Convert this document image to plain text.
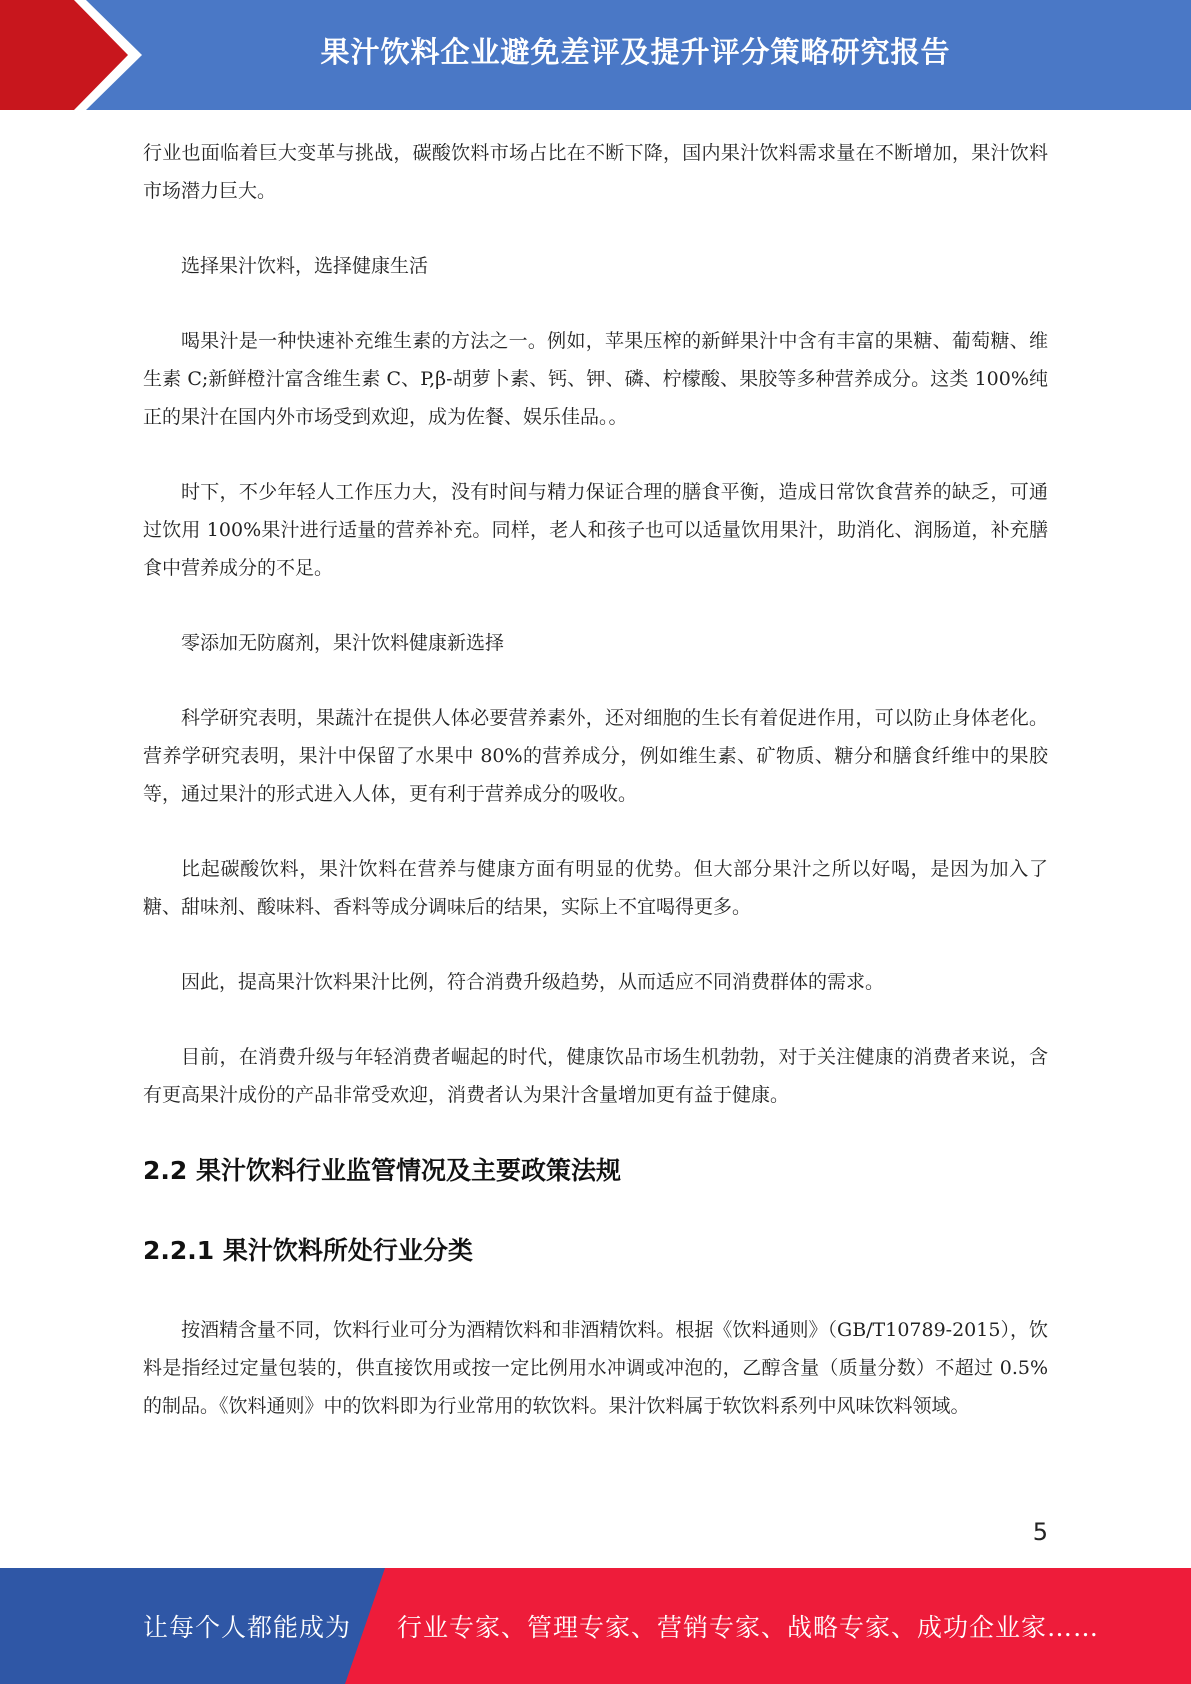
果汁饮料企业避免差评及提升评分策略研究报告

行业也面临着巨大变革与挑战，碳酸饮料市场占比在不断下降，国内果汁饮料需求量在不断增加，果汁饮料市场潜力巨大。

选择果汁饮料，选择健康生活

喝果汁是一种快速补充维生素的方法之一。例如，苹果压榨的新鲜果汁中含有丰富的果糖、葡萄糖、维生素 C;新鲜橙汁富含维生素 C、P,β-胡萝卜素、钙、钾、磷、柠檬酸、果胶等多种营养成分。这类 100%纯正的果汁在国内外市场受到欢迎，成为佐餐、娱乐佳品。。

时下，不少年轻人工作压力大，没有时间与精力保证合理的膳食平衡，造成日常饮食营养的缺乏，可通过饮用 100%果汁进行适量的营养补充。同样，老人和孩子也可以适量饮用果汁，助消化、润肠道，补充膳食中营养成分的不足。

零添加无防腐剂，果汁饮料健康新选择

科学研究表明，果蔬汁在提供人体必要营养素外，还对细胞的生长有着促进作用，可以防止身体老化。营养学研究表明，果汁中保留了水果中 80%的营养成分，例如维生素、矿物质、糖分和膳食纤维中的果胶等，通过果汁的形式进入人体，更有利于营养成分的吸收。

比起碳酸饮料，果汁饮料在营养与健康方面有明显的优势。但大部分果汁之所以好喝，是因为加入了糖、甜味剂、酸味料、香料等成分调味后的结果，实际上不宜喝得更多。

因此，提高果汁饮料果汁比例，符合消费升级趋势，从而适应不同消费群体的需求。

目前，在消费升级与年轻消费者崛起的时代，健康饮品市场生机勃勃，对于关注健康的消费者来说，含有更高果汁成份的产品非常受欢迎，消费者认为果汁含量增加更有益于健康。

2.2 果汁饮料行业监管情况及主要政策法规
2.2.1 果汁饮料所处行业分类

按酒精含量不同，饮料行业可分为酒精饮料和非酒精饮料。根据《饮料通则》（GB/T10789-2015），饮料是指经过定量包装的，供直接饮用或按一定比例用水冲调或冲泡的，乙醇含量（质量分数）不超过 0.5%的制品。《饮料通则》中的饮料即为行业常用的软饮料。果汁饮料属于软饮料系列中风味饮料领域。

5
让每个人都能成为 行业专家、管理专家、营销专家、战略专家、成功企业家……
